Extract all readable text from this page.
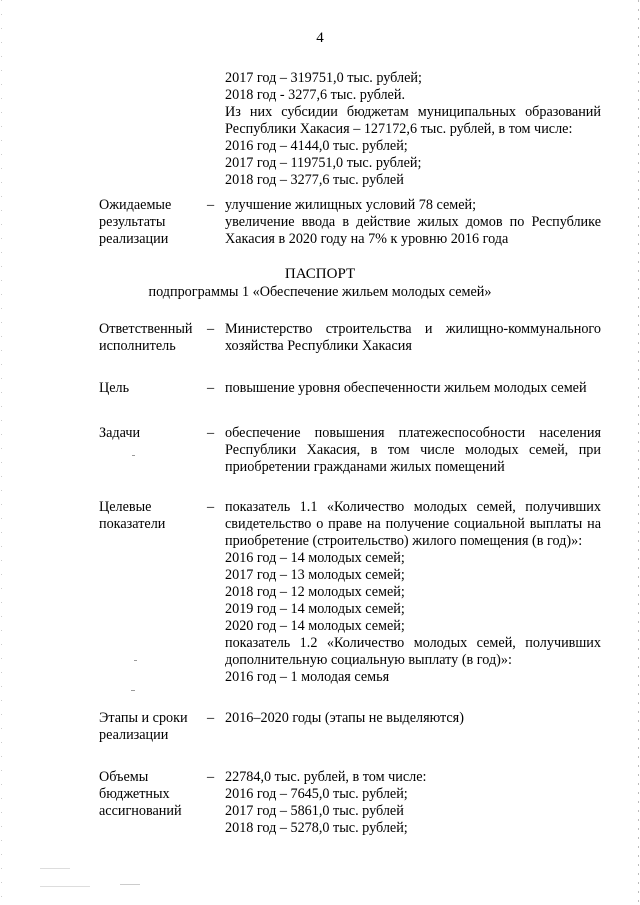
4
2017 год – 319751,0 тыс. рублей;
2018 год - 3277,6 тыс. рублей.
Из них субсидии бюджетам муниципальных образований
Республики Хакасия – 127172,6 тыс. рублей, в том числе:
2016 год – 4144,0 тыс. рублей;
2017 год – 119751,0 тыс. рублей;
2018 год – 3277,6 тыс. рублей
Ожидаемые
результаты
реализации
– улучшение жилищных условий 78 семей;
увеличение ввода в действие жилых домов по Республике
Хакасия в 2020 году на 7% к уровню 2016 года
ПАСПОРТ
подпрограммы 1 «Обеспечение жильем молодых семей»
Ответственный
исполнитель
– Министерство строительства и жилищно-коммунального
хозяйства Республики Хакасия
Цель	– повышение уровня обеспеченности жильем молодых семей
Задачи	– обеспечение повышения платежеспособности населения
Республики Хакасия, в том числе молодых семей, при
приобретении гражданами жилых помещений
Целевые
показатели
– показатель 1.1 «Количество молодых семей, получивших
свидетельство о праве на получение социальной выплаты на
приобретение (строительство) жилого помещения (в год)»:
2016 год – 14 молодых семей;
2017 год – 13 молодых семей;
2018 год – 12 молодых семей;
2019 год – 14 молодых семей;
2020 год – 14 молодых семей;
показатель 1.2 «Количество молодых семей, получивших
дополнительную социальную выплату (в год)»:
2016 год – 1 молодая семья
Этапы и сроки
реализации
– 2016–2020 годы (этапы не выделяются)
Объемы
бюджетных
ассигнований
– 22784,0 тыс. рублей, в том числе:
2016 год – 7645,0 тыс. рублей;
2017 год – 5861,0 тыс. рублей
2018 год – 5278,0 тыс. рублей;
